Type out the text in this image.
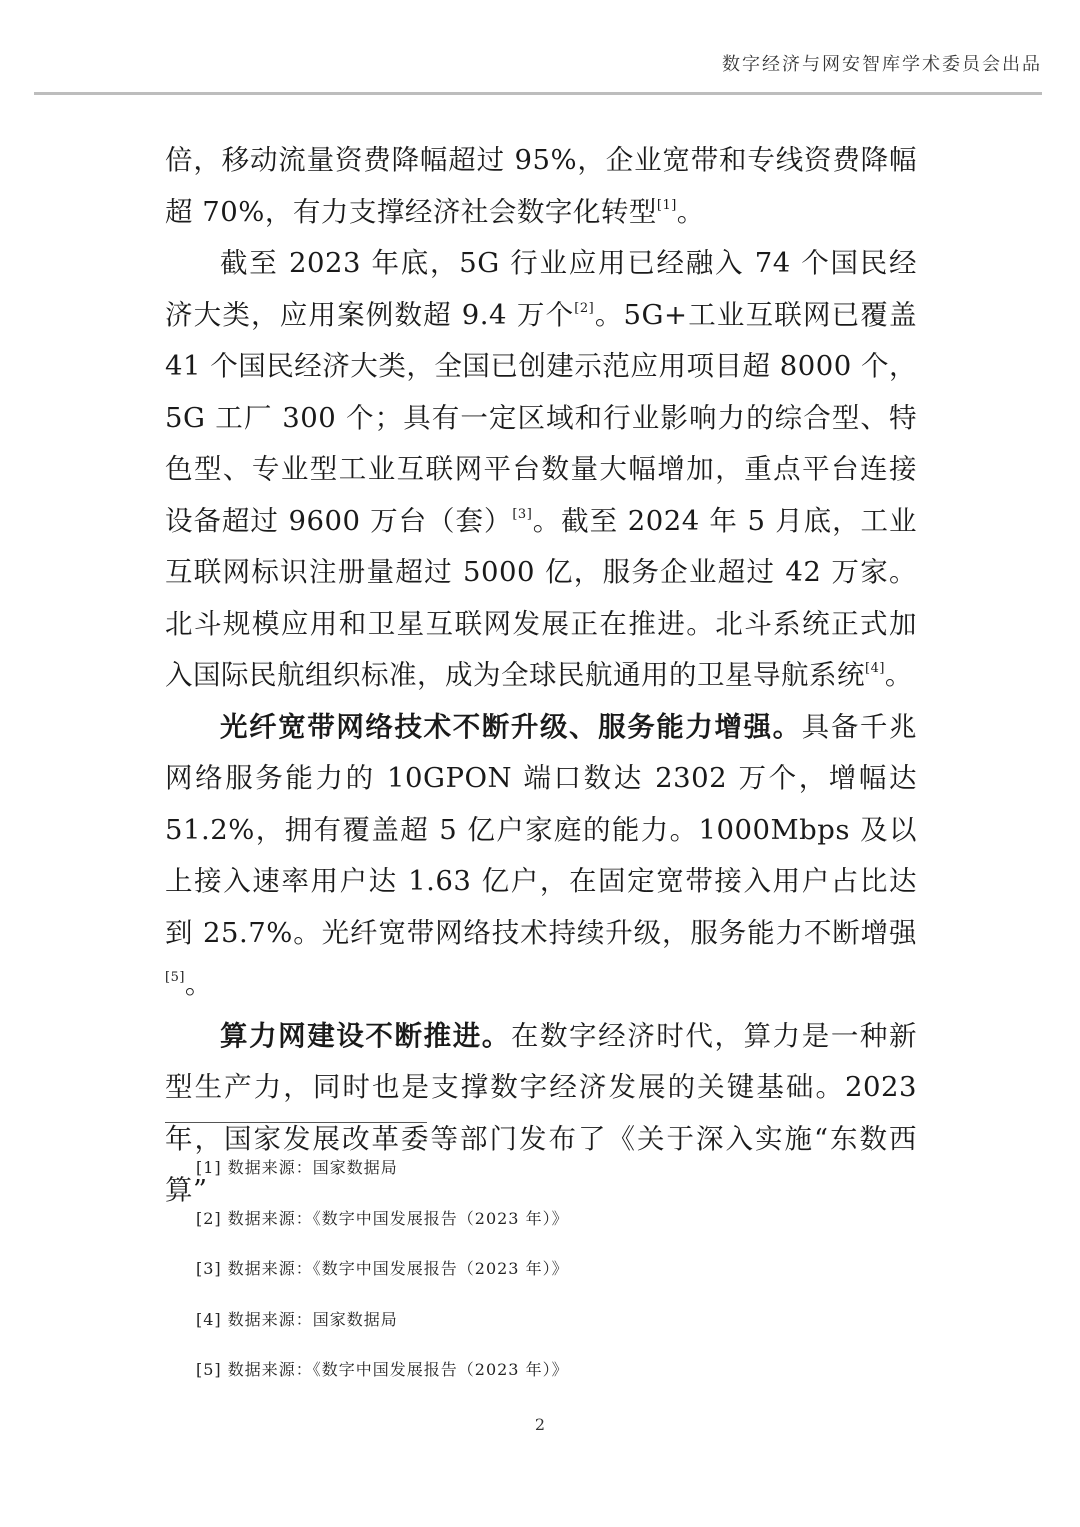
数字经济与网安智库学术委员会出品

倍，移动流量资费降幅超过 95%，企业宽带和专线资费降幅超 70%，有力支撑经济社会数字化转型[1]。

截至 2023 年底，5G 行业应用已经融入 74 个国民经济大类，应用案例数超 9.4 万个[2]。5G+工业互联网已覆盖 41 个国民经济大类，全国已创建示范应用项目超 8000 个，5G 工厂 300 个；具有一定区域和行业影响力的综合型、特色型、专业型工业互联网平台数量大幅增加，重点平台连接设备超过 9600 万台（套）[3]。截至 2024 年 5 月底，工业互联网标识注册量超过 5000 亿，服务企业超过 42 万家。北斗规模应用和卫星互联网发展正在推进。北斗系统正式加入国际民航组织标准，成为全球民航通用的卫星导航系统[4]。

光纤宽带网络技术不断升级、服务能力增强。具备千兆网络服务能力的 10GPON 端口数达 2302 万个，增幅达 51.2%，拥有覆盖超 5 亿户家庭的能力。1000Mbps 及以上接入速率用户达 1.63 亿户，在固定宽带接入用户占比达到 25.7%。光纤宽带网络技术持续升级，服务能力不断增强[5]。

算力网建设不断推进。在数字经济时代，算力是一种新型生产力，同时也是支撑数字经济发展的关键基础。2023 年，国家发展改革委等部门发布了《关于深入实施“东数西算”

[1] 数据来源：国家数据局
[2] 数据来源：《数字中国发展报告（2023 年）》
[3] 数据来源：《数字中国发展报告（2023 年）》
[4] 数据来源：国家数据局
[5] 数据来源：《数字中国发展报告（2023 年）》
2
